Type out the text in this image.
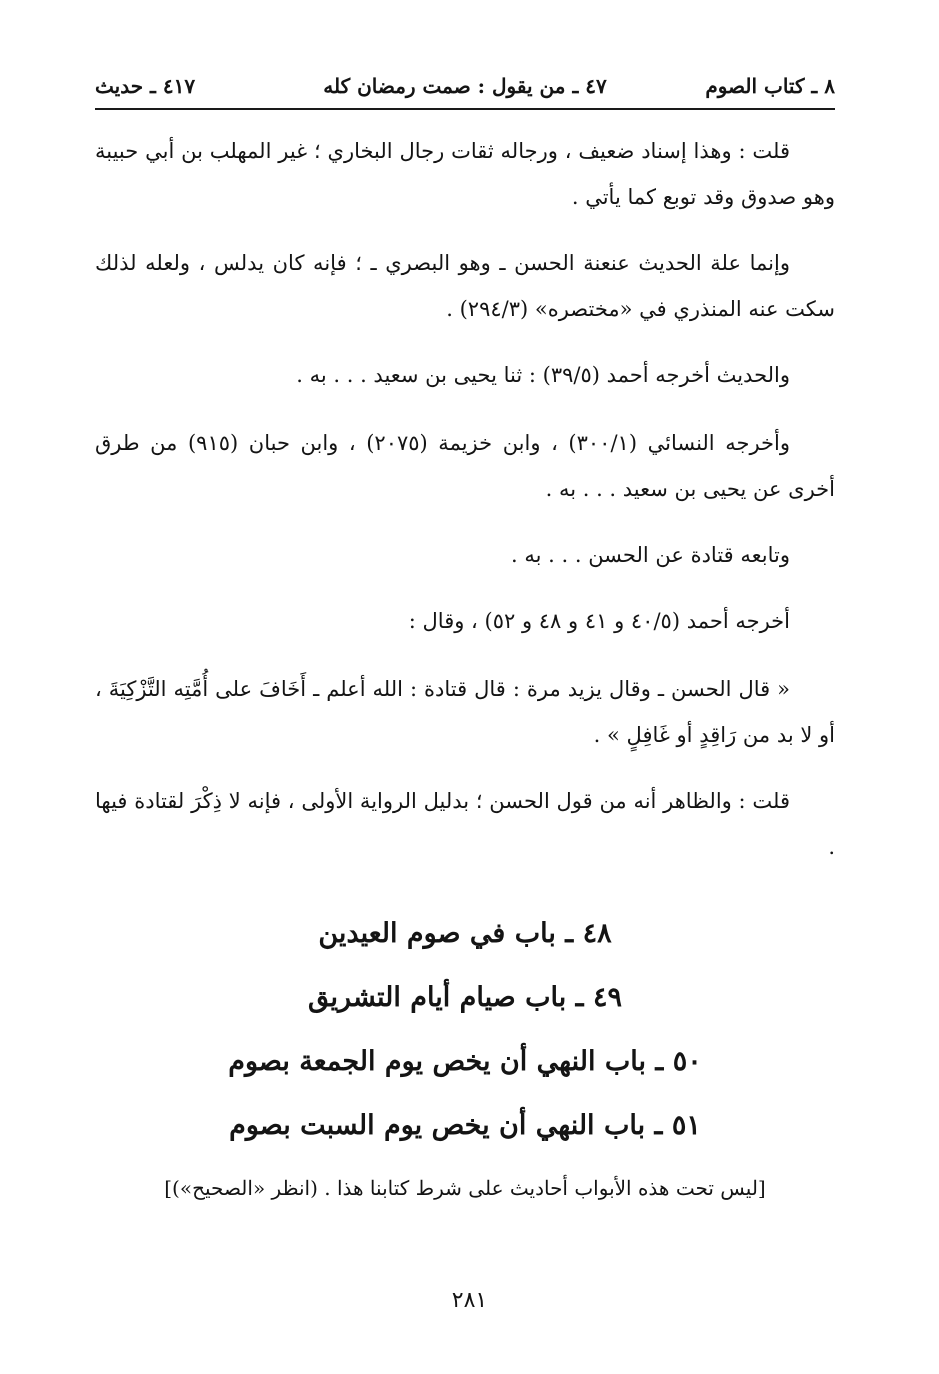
٨ ـ كتاب الصوم
٤٧ ـ من يقول : صمت رمضان كله
٤١٧ ـ حديث

قلت : وهذا إسناد ضعيف ، ورجاله ثقات رجال البخاري ؛ غير المهلب بن أبي حبيبة وهو صدوق وقد توبع كما يأتي .

وإنما علة الحديث عنعنة الحسن ـ وهو البصري ـ ؛ فإنه كان يدلس ، ولعله لذلك سكت عنه المنذري في «مختصره» (٢٩٤/٣) .

والحديث أخرجه أحمد (٣٩/٥) : ثنا يحيى بن سعيد . . . به .

وأخرجه النسائي (٣٠٠/١) ، وابن خزيمة (٢٠٧٥) ، وابن حبان (٩١٥) من طرق أخرى عن يحيى بن سعيد . . . به .

وتابعه قتادة عن الحسن . . . به .

أخرجه أحمد (٤٠/٥ و ٤١ و ٤٨ و ٥٢) ، وقال :

« قال الحسن ـ وقال يزيد مرة : قال قتادة : الله أعلم ـ أَخَافَ على أُمَّتِه التَّزْكِيَةَ ، أو لا بد من رَاقِدٍ أو غَافِلٍ » .

قلت : والظاهر أنه من قول الحسن ؛ بدليل الرواية الأولى ، فإنه لا ذِكْرَ لقتادة فيها .

٤٨ ـ باب في صوم العيدين
٤٩ ـ باب صيام أيام التشريق
٥٠ ـ باب النهي أن يخص يوم الجمعة بصوم
٥١ ـ باب النهي أن يخص يوم السبت بصوم
[ليس تحت هذه الأبواب أحاديث على شرط كتابنا هذا . (انظر «الصحيح»)]
٢٨١
